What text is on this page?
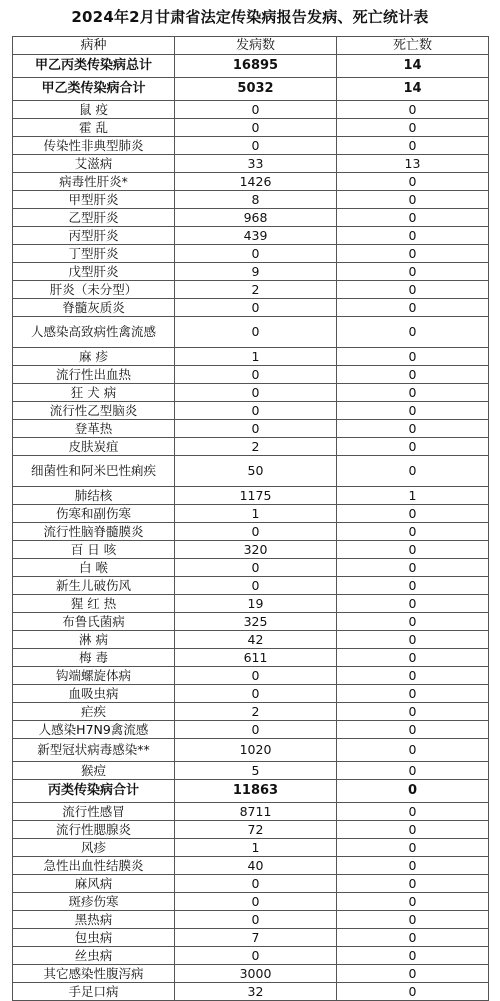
2024年2月甘肃省法定传染病报告发病、死亡统计表
病种	发病数	死亡数
甲乙丙类传染病总计	16895	14
甲乙类传染病合计	5032	14
鼠 疫	0	0
霍 乱	0	0
传染性非典型肺炎	0	0
艾滋病	33	13
病毒性肝炎*	1426	0
甲型肝炎	8	0
乙型肝炎	968	0
丙型肝炎	439	0
丁型肝炎	0	0
戊型肝炎	9	0
肝炎（未分型）	2	0
脊髓灰质炎	0	0
人感染高致病性禽流感	0	0
麻 疹	1	0
流行性出血热	0	0
狂 犬 病	0	0
流行性乙型脑炎	0	0
登革热	0	0
皮肤炭疽	2	0
细菌性和阿米巴性痢疾	50	0
肺结核	1175	1
伤寒和副伤寒	1	0
流行性脑脊髓膜炎	0	0
百 日 咳	320	0
白 喉	0	0
新生儿破伤风	0	0
猩 红 热	19	0
布鲁氏菌病	325	0
淋 病	42	0
梅 毒	611	0
钩端螺旋体病	0	0
血吸虫病	0	0
疟疾	2	0
人感染H7N9禽流感	0	0
新型冠状病毒感染**	1020	0
猴痘	5	0
丙类传染病合计	11863	0
流行性感冒	8711	0
流行性腮腺炎	72	0
风疹	1	0
急性出血性结膜炎	40	0
麻风病	0	0
斑疹伤寒	0	0
黑热病	0	0
包虫病	7	0
丝虫病	0	0
其它感染性腹泻病	3000	0
手足口病	32	0
